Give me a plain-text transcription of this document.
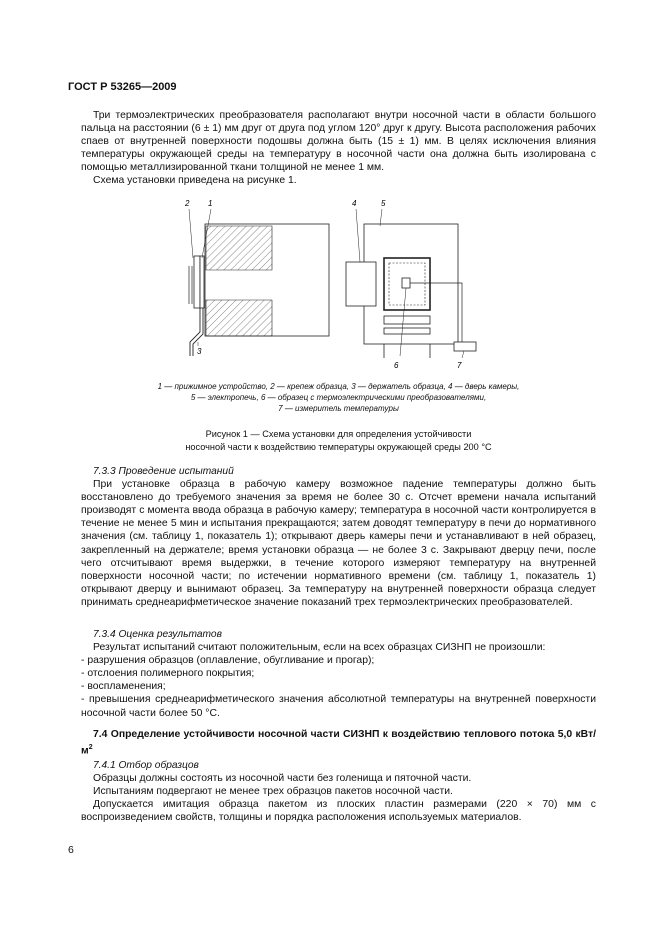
ГОСТ Р 53265—2009

Три термоэлектрических преобразователя располагают внутри носочной части в области большого пальца на расстоянии (6 ± 1) мм друг от друга под углом 120° друг к другу. Высота расположения рабочих спаев от внутренней поверхности подошвы должна быть (15 ± 1) мм. В целях исключения влияния температуры окружающей среды на температуру в носочной части она должна быть изолирована с помощью металлизированной ткани толщиной не менее 1 мм.

Схема установки приведена на рисунке 1.

2 1
3
4	5
6	7
1 — прижимное устройство, 2 — крепеж образца, 3 — держатель образца, 4 — дверь камеры,
5 — электропечь, 6 — образец с термоэлектрическими преобразователями,
7 — измеритель температуры
Рисунок 1 — Схема установки для определения устойчивости
носочной части к воздействию температуры окружающей среды 200 °С

7.3.3 Проведение испытаний

При установке образца в рабочую камеру возможное падение температуры должно быть восстановлено до требуемого значения за время не более 30 с. Отсчет времени начала испытаний производят с момента ввода образца в рабочую камеру; температура в носочной части контролируется в течение не менее 5 мин и испытания прекращаются; затем доводят температуру в печи до нормативного значения (см. таблицу 1, показатель 1); открывают дверь камеры печи и устанавливают в ней образец, закрепленный на держателе; время установки образца — не более 3 с. Закрывают дверцу печи, после чего отсчитывают время выдержки, в течение которого измеряют температуру на внутренней поверхности носочной части; по истечении нормативного времени (см. таблицу 1, показатель 1) открывают дверцу и вынимают образец. За температуру на внутренней поверхности образца следует принимать среднеарифметическое значение показаний трех термоэлектрических преобразователей.

7.3.4 Оценка результатов

Результат испытаний считают положительным, если на всех образцах СИЗНП не произошли:

- разрушения образцов (оплавление, обугливание и прогар);

- отслоения полимерного покрытия;

- воспламенения;

- превышения среднеарифметического значения абсолютной температуры на внутренней поверхности носочной части более 50 °С.

7.4 Определение устойчивости носочной части СИЗНП к воздействию теплового потока 5,0 кВт/$м^2$

7.4.1 Отбор образцов

Образцы должны состоять из носочной части без голенища и пяточной части.

Испытаниям подвергают не менее трех образцов пакетов носочной части.

Допускается имитация образца пакетом из плоских пластин размерами (220 × 70) мм с воспроизведением свойств, толщины и порядка расположения используемых материалов.

6
